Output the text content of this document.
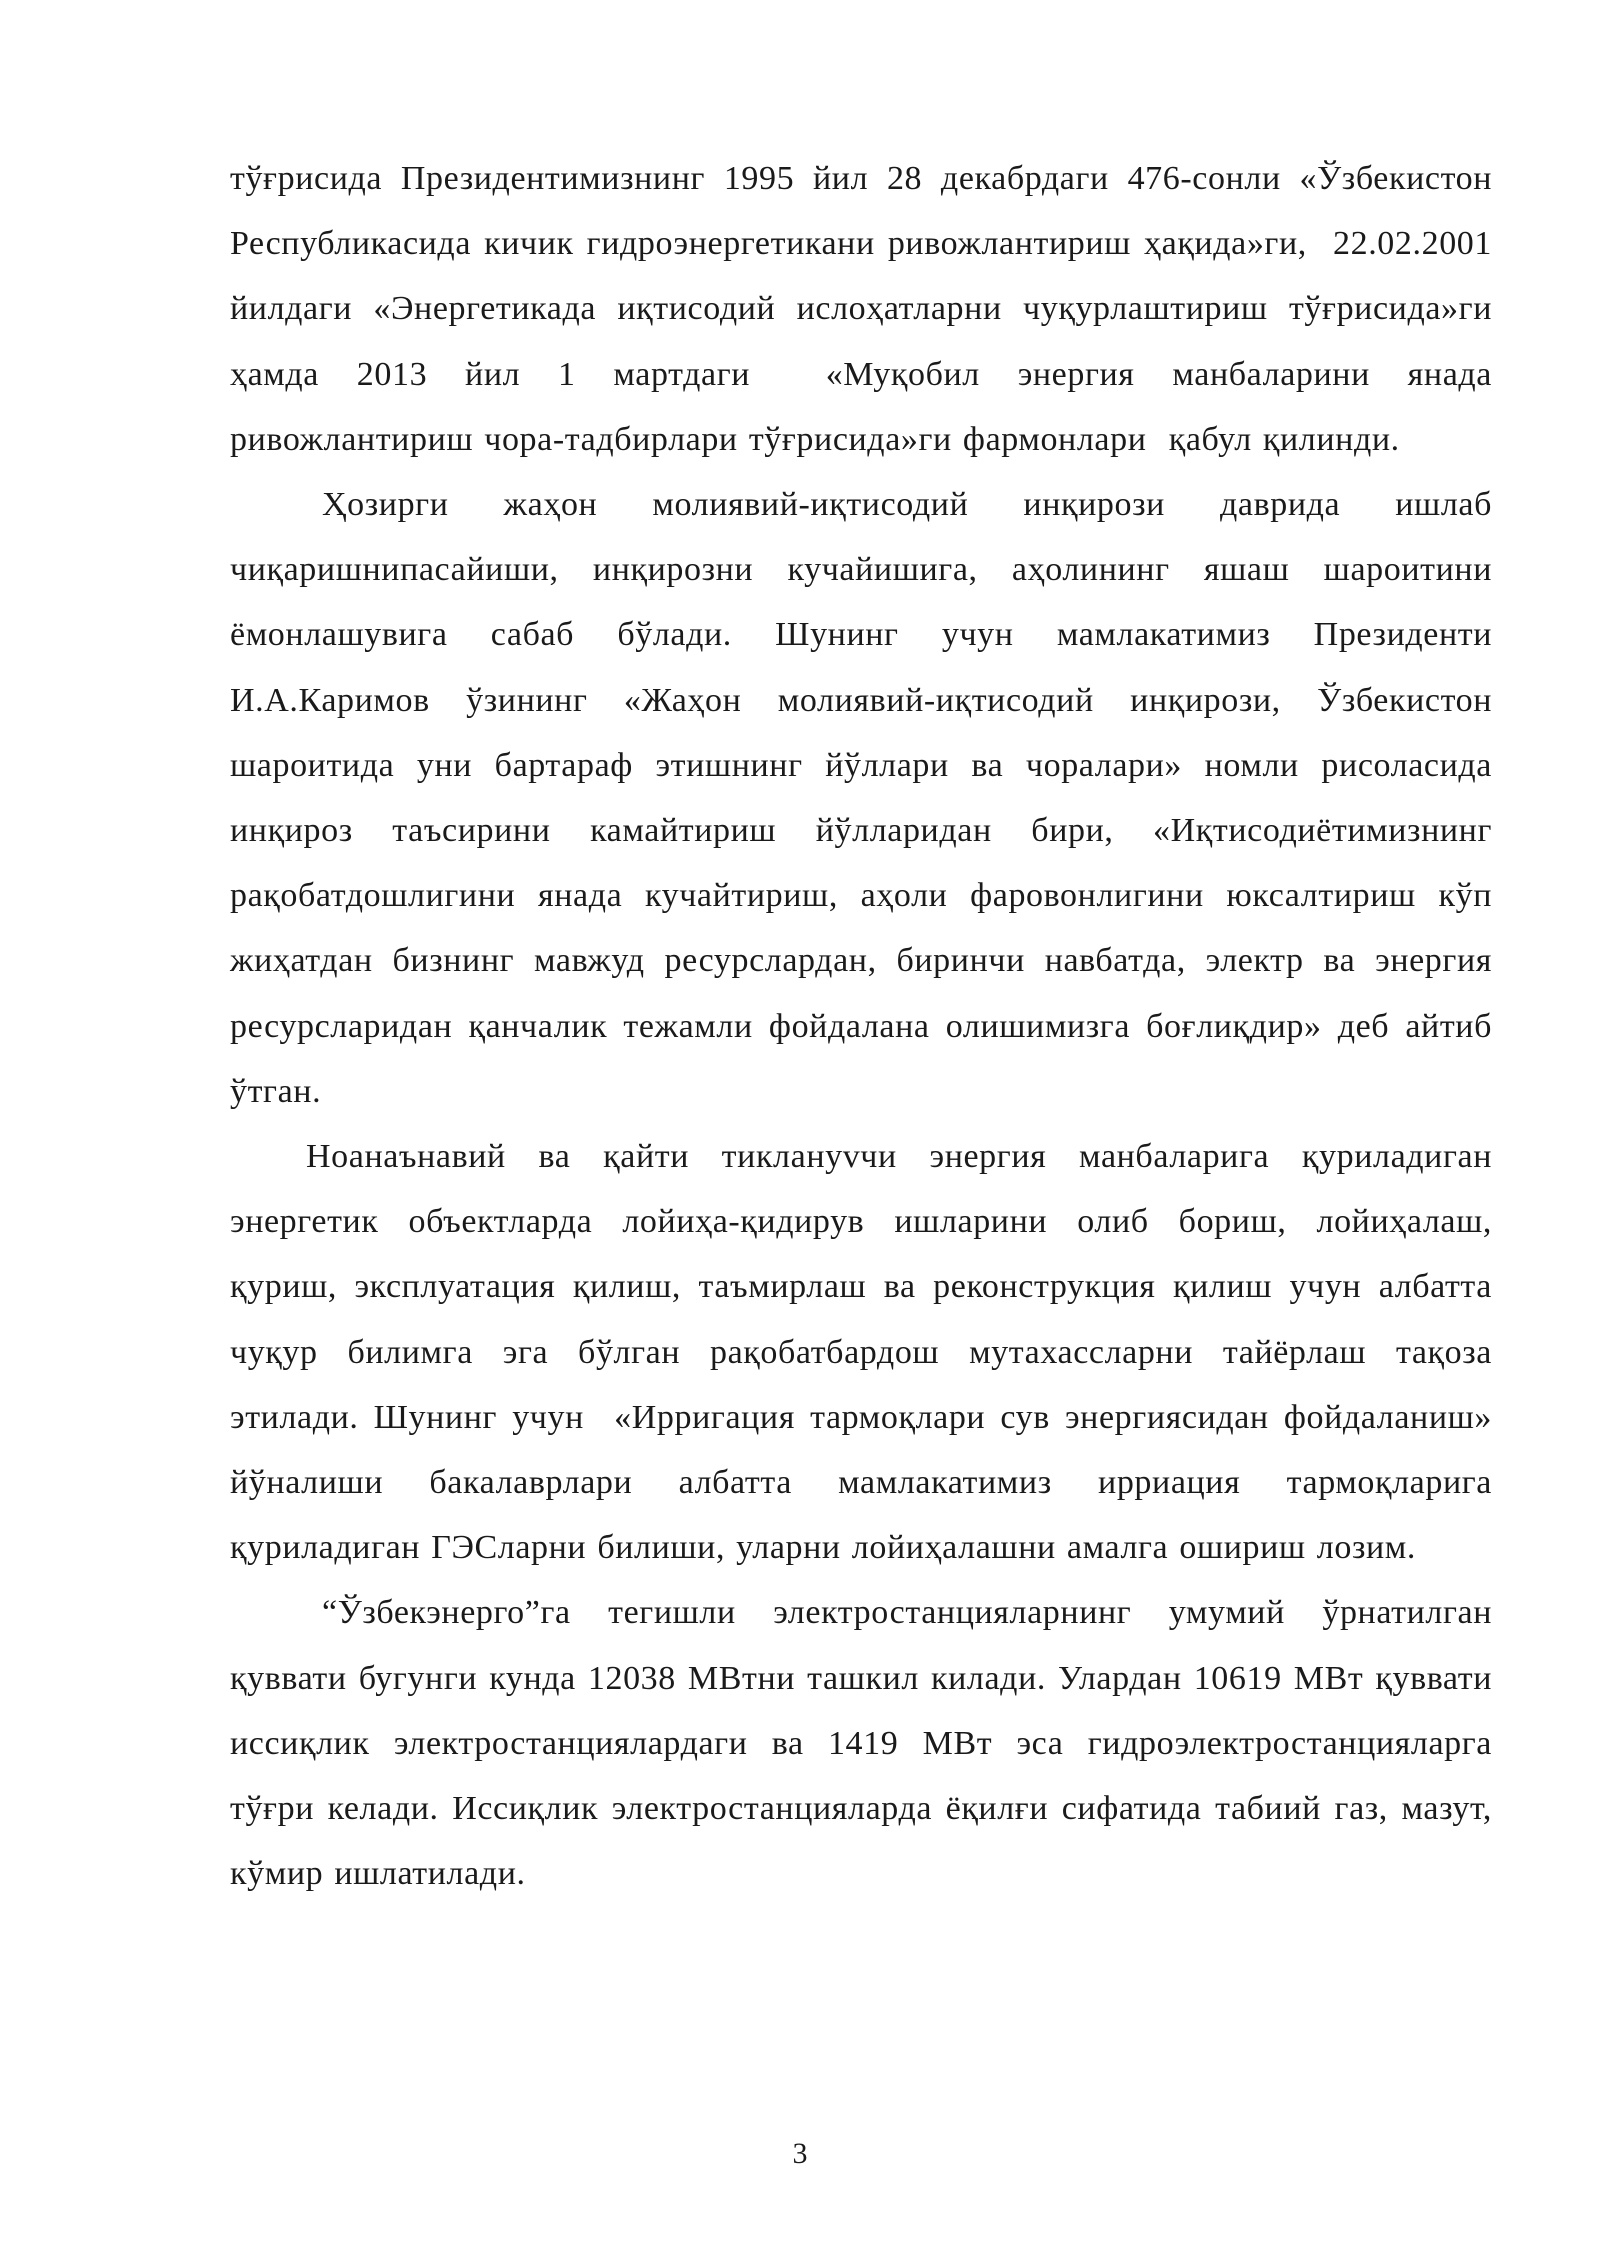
тўғрисида Президентимизнинг 1995 йил 28 декабрдаги 476-сонли «Ўзбекистон Республикасида кичик гидроэнергетикани ривожлантириш ҳақида»ги,  22.02.2001 йилдаги «Энергетикада иқтисодий ислоҳатларни чуқурлаштириш тўғрисида»ги  ҳамда 2013 йил 1 мартдаги  «Муқобил энергия манбаларини янада ривожлантириш чора-тадбирлари тўғрисида»ги фармонлари  қабул қилинди.

Ҳозирги жаҳон молиявий-иқтисодий инқирози даврида ишлаб чиқаришнипасайиши, инқирозни кучайишига, аҳолининг яшаш шароитини ёмонлашувига сабаб бўлади. Шунинг учун мамлакатимиз Президенти И.А.Каримов ўзининг «Жаҳон молиявий-иқтисодий инқирози, Ўзбекистон шароитида уни бартараф этишнинг йўллари ва чоралари» номли рисоласида инқироз таъсирини камайтириш йўлларидан бири, «Иқтисодиётимизнинг рақобатдошлигини янада кучайтириш, аҳоли фаровонлигини юксалтириш кўп жиҳатдан бизнинг мавжуд ресурслардан, биринчи навбатда, электр ва энергия ресурсларидан қанчалик тежамли фойдалана олишимизга боғлиқдир» деб айтиб ўтган.

Ноанаънавий ва қайти тиклануvчи энергия манбаларига қуриладиган энергетик объектларда лойиҳа-қидирув ишларини олиб бориш, лойиҳалаш, қуриш, эксплуатация қилиш, таъмирлаш ва реконструкция қилиш учун албатта чуқур билимга эга бўлган рақобатбардош мутахассларни тайёрлаш тақоза этилади. Шунинг учун  «Ирригация тармоқлари сув энергиясидан фойдаланиш» йўналиши бакалаврлари албатта мамлакатимиз ирриация тармоқларига қуриладиган ГЭСларни билиши, уларни лойиҳалашни амалга ошириш лозим.

“Ўзбекэнерго”га тегишли электростанцияларнинг умумий ўрнатилган қуввати бугунги кунда 12038 МВтни ташкил килади. Улардан 10619 МВт қуввати иссиқлик электростанциялардаги ва 1419 МВт эса гидроэлектростанцияларга тўғри келади. Иссиқлик электростанцияларда ёқилғи сифатида табиий газ, мазут, кўмир ишлатилади.

3
